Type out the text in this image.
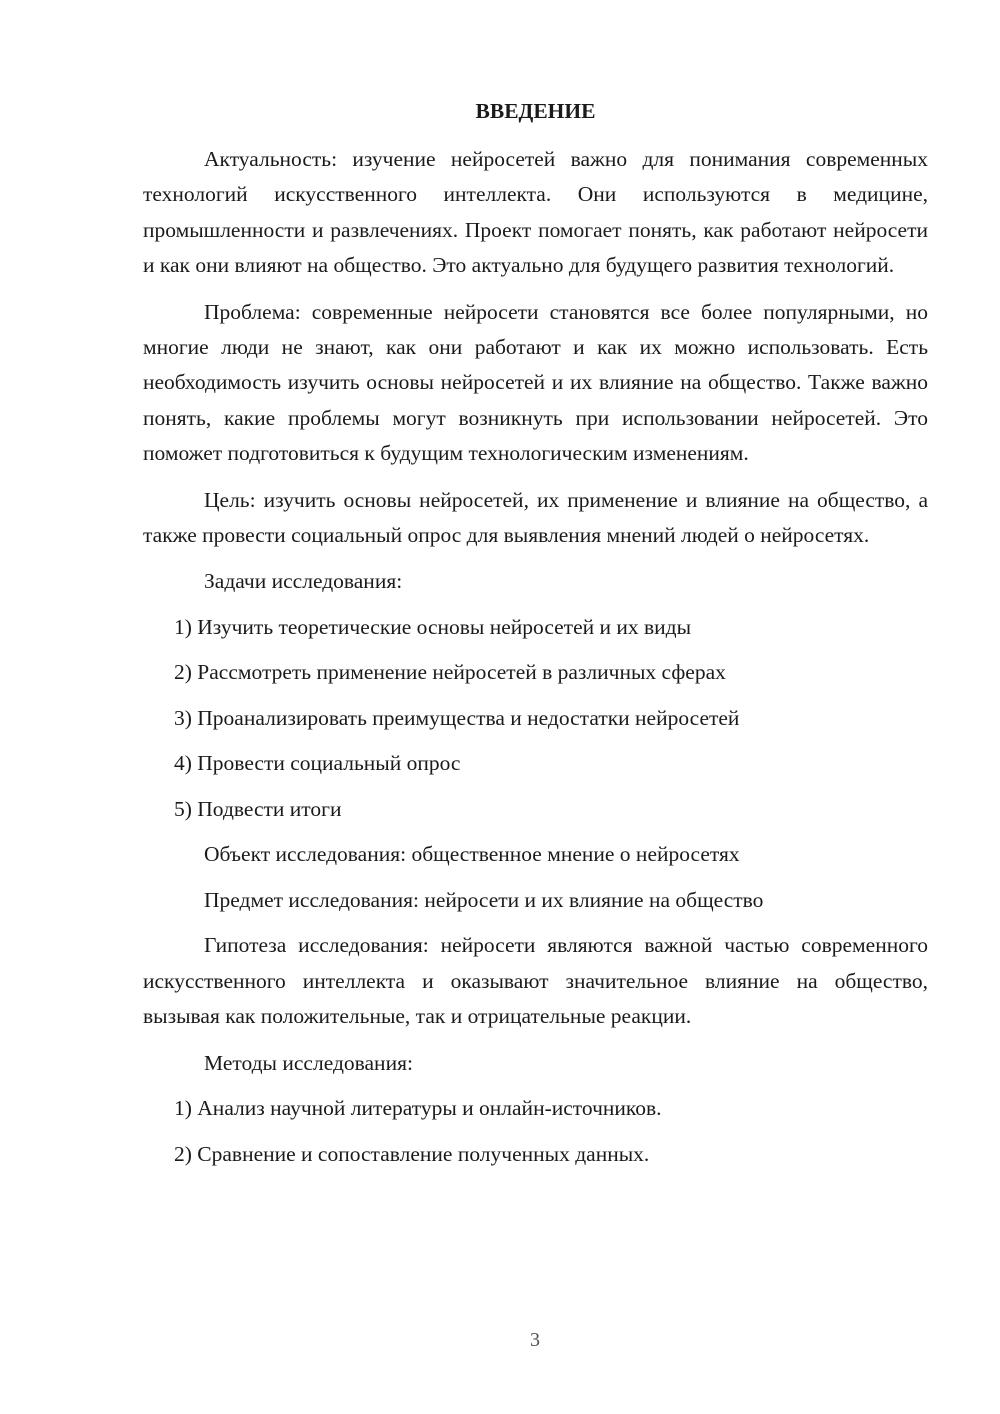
ВВЕДЕНИЕ

Актуальность: изучение нейросетей важно для понимания современных технологий искусственного интеллекта. Они используются в медицине, промышленности и развлечениях. Проект помогает понять, как работают нейросети и как они влияют на общество. Это актуально для будущего развития технологий.

Проблема: современные нейросети становятся все более популярными, но многие люди не знают, как они работают и как их можно использовать. Есть необходимость изучить основы нейросетей и их влияние на общество. Также важно понять, какие проблемы могут возникнуть при использовании нейросетей. Это поможет подготовиться к будущим технологическим изменениям.

Цель: изучить основы нейросетей, их применение и влияние на общество, а также провести социальный опрос для выявления мнений людей о нейросетях.

Задачи исследования:

1) Изучить теоретические основы нейросетей и их виды

2) Рассмотреть применение нейросетей в различных сферах

3) Проанализировать преимущества и недостатки нейросетей

4) Провести социальный опрос

5) Подвести итоги

Объект исследования: общественное мнение о нейросетях

Предмет исследования: нейросети и их влияние на общество

Гипотеза исследования: нейросети являются важной частью современного искусственного интеллекта и оказывают значительное влияние на общество, вызывая как положительные, так и отрицательные реакции.

Методы исследования:

1) Анализ научной литературы и онлайн-источников.

2) Сравнение и сопоставление полученных данных.

3
